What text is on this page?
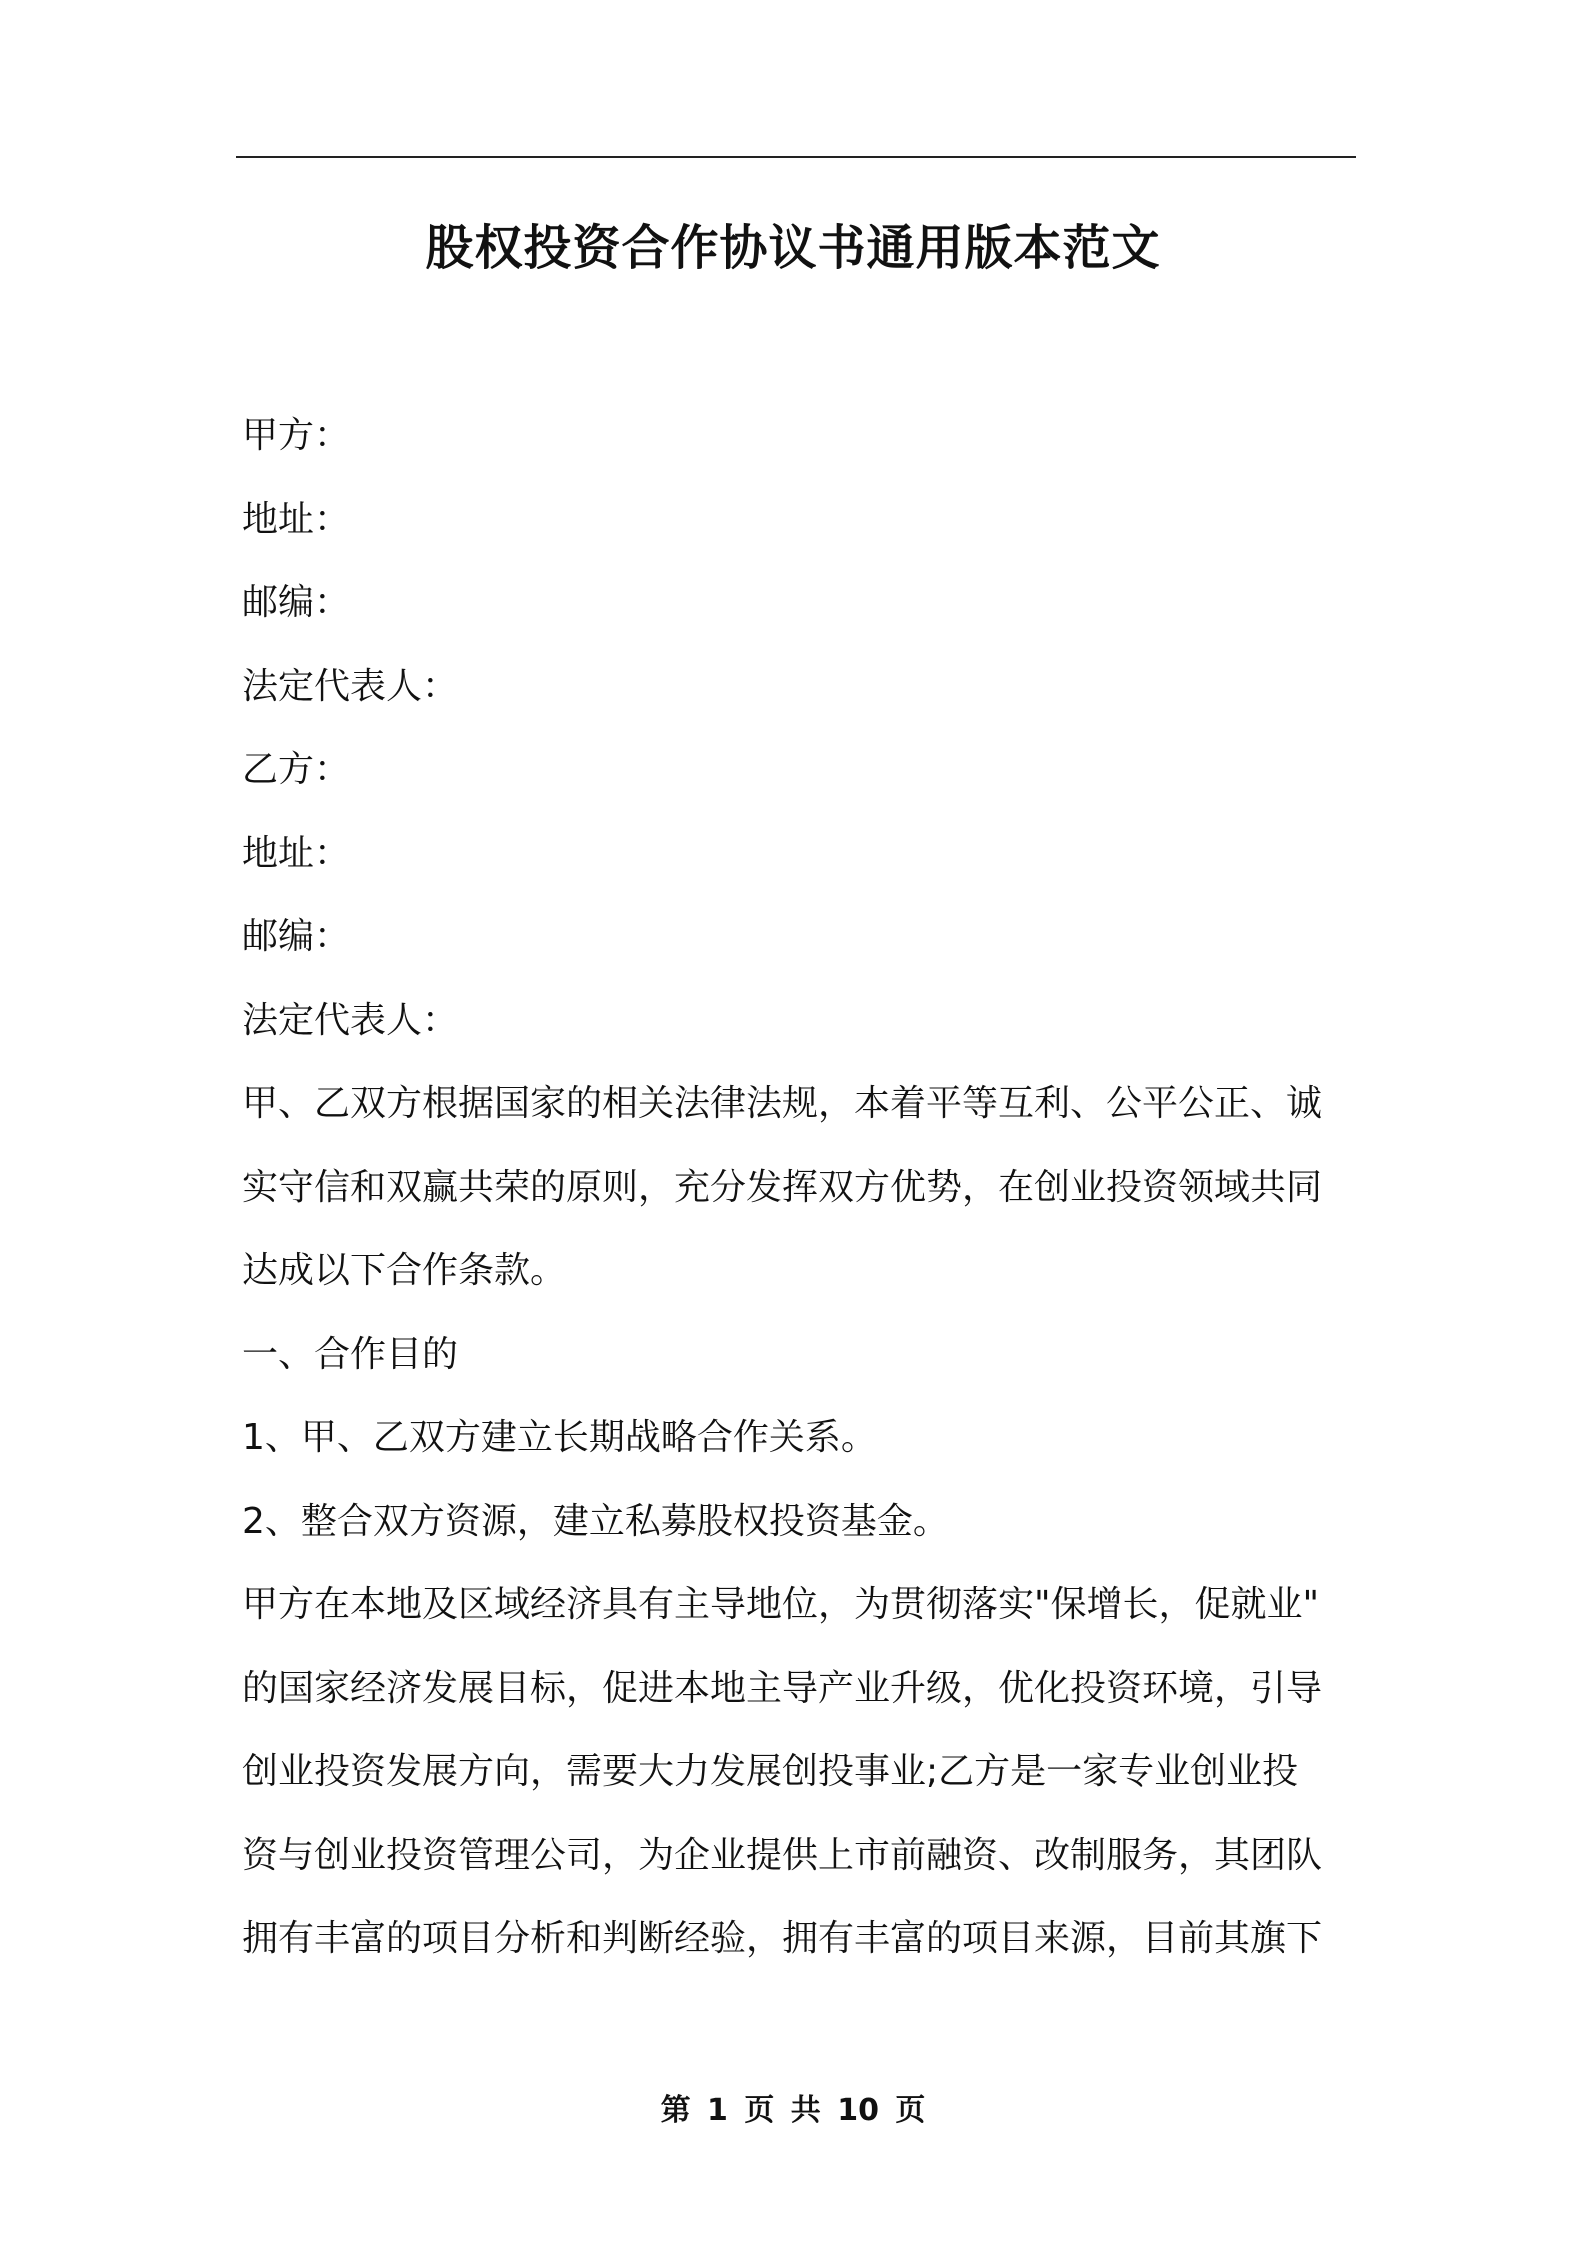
股权投资合作协议书通用版本范文
甲方：
地址：
邮编：
法定代表人：
乙方：
地址：
邮编：
法定代表人：
甲、乙双方根据国家的相关法律法规，本着平等互利、公平公正、诚
实守信和双赢共荣的原则，充分发挥双方优势，在创业投资领域共同
达成以下合作条款。
一、合作目的
1、甲、乙双方建立长期战略合作关系。
2、整合双方资源，建立私募股权投资基金。
甲方在本地及区域经济具有主导地位，为贯彻落实"保增长，促就业"
的国家经济发展目标，促进本地主导产业升级，优化投资环境，引导
创业投资发展方向，需要大力发展创投事业;乙方是一家专业创业投
资与创业投资管理公司，为企业提供上市前融资、改制服务，其团队
拥有丰富的项目分析和判断经验，拥有丰富的项目来源，目前其旗下
第 1 页 共 10 页
